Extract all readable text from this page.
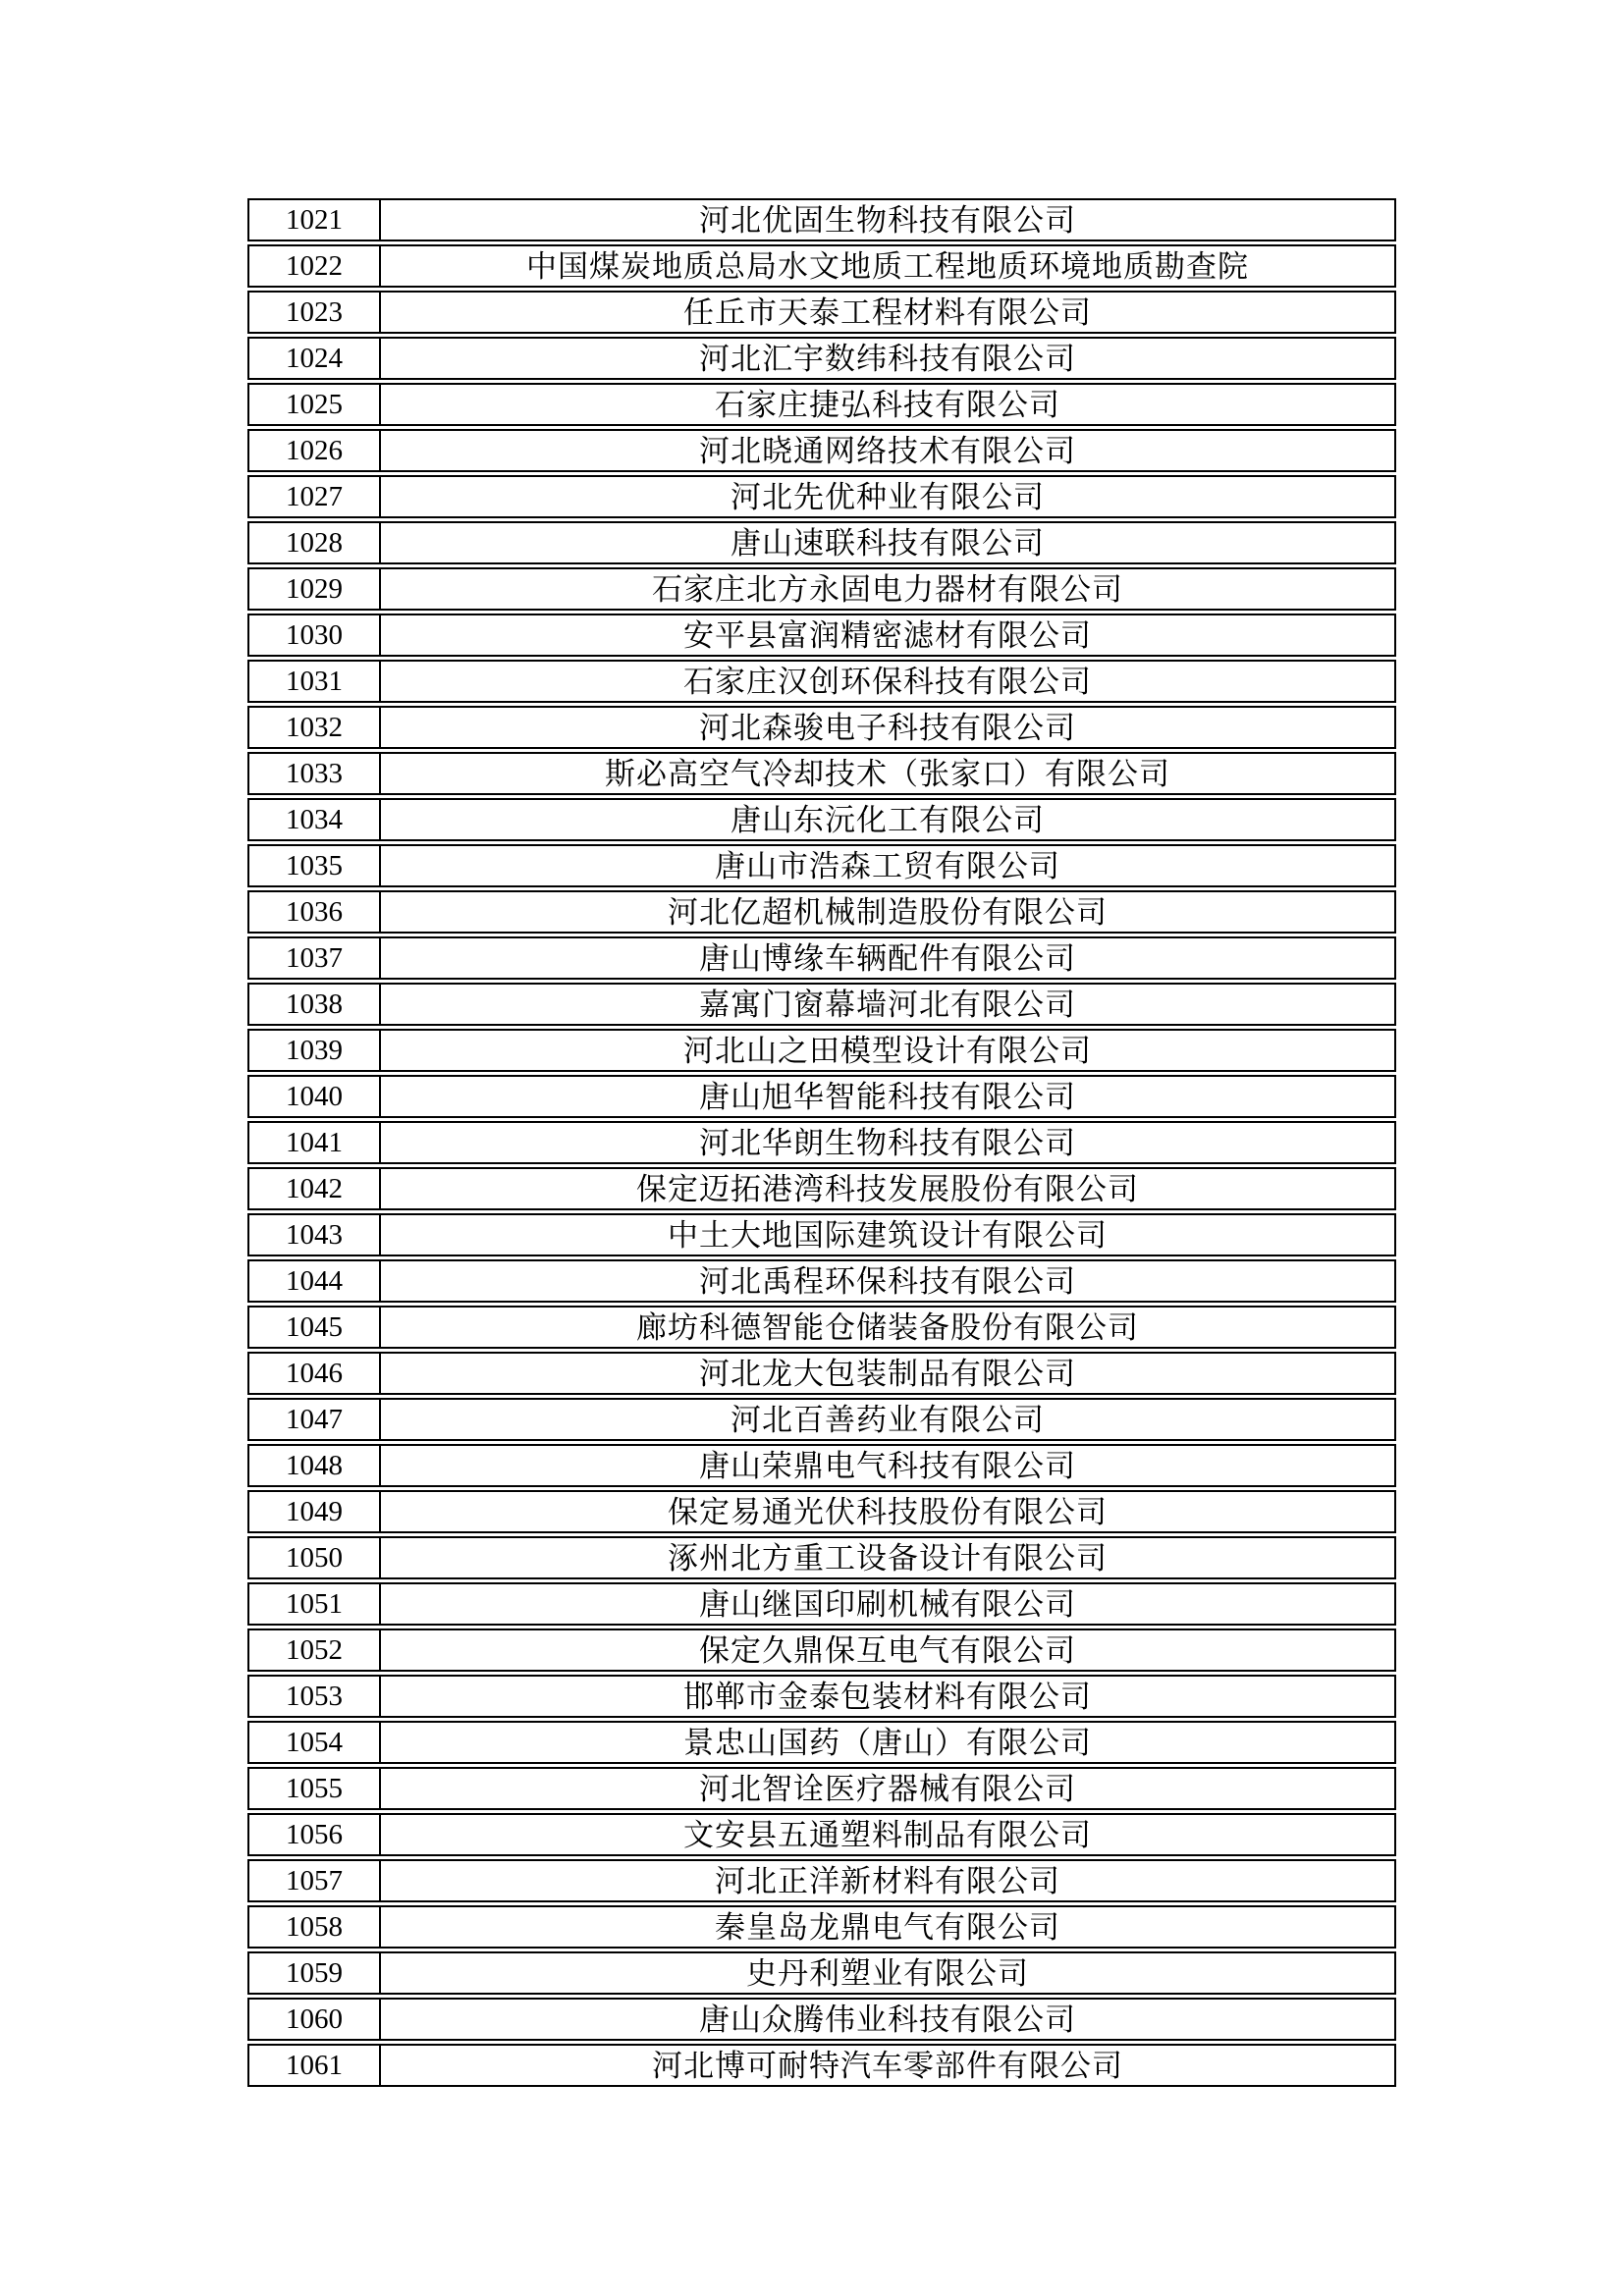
1021	河北优固生物科技有限公司
1022	中国煤炭地质总局水文地质工程地质环境地质勘查院
1023	任丘市天泰工程材料有限公司
1024	河北汇宇数纬科技有限公司
1025	石家庄捷弘科技有限公司
1026	河北晓通网络技术有限公司
1027	河北先优种业有限公司
1028	唐山速联科技有限公司
1029	石家庄北方永固电力器材有限公司
1030	安平县富润精密滤材有限公司
1031	石家庄汉创环保科技有限公司
1032	河北森骏电子科技有限公司
1033	斯必高空气冷却技术（张家口）有限公司
1034	唐山东沅化工有限公司
1035	唐山市浩森工贸有限公司
1036	河北亿超机械制造股份有限公司
1037	唐山博缘车辆配件有限公司
1038	嘉寓门窗幕墙河北有限公司
1039	河北山之田模型设计有限公司
1040	唐山旭华智能科技有限公司
1041	河北华朗生物科技有限公司
1042	保定迈拓港湾科技发展股份有限公司
1043	中土大地国际建筑设计有限公司
1044	河北禹程环保科技有限公司
1045	廊坊科德智能仓储装备股份有限公司
1046	河北龙大包装制品有限公司
1047	河北百善药业有限公司
1048	唐山荣鼎电气科技有限公司
1049	保定易通光伏科技股份有限公司
1050	涿州北方重工设备设计有限公司
1051	唐山继国印刷机械有限公司
1052	保定久鼎保互电气有限公司
1053	邯郸市金泰包装材料有限公司
1054	景忠山国药（唐山）有限公司
1055	河北智诠医疗器械有限公司
1056	文安县五通塑料制品有限公司
1057	河北正洋新材料有限公司
1058	秦皇岛龙鼎电气有限公司
1059	史丹利塑业有限公司
1060	唐山众腾伟业科技有限公司
1061	河北博可耐特汽车零部件有限公司
